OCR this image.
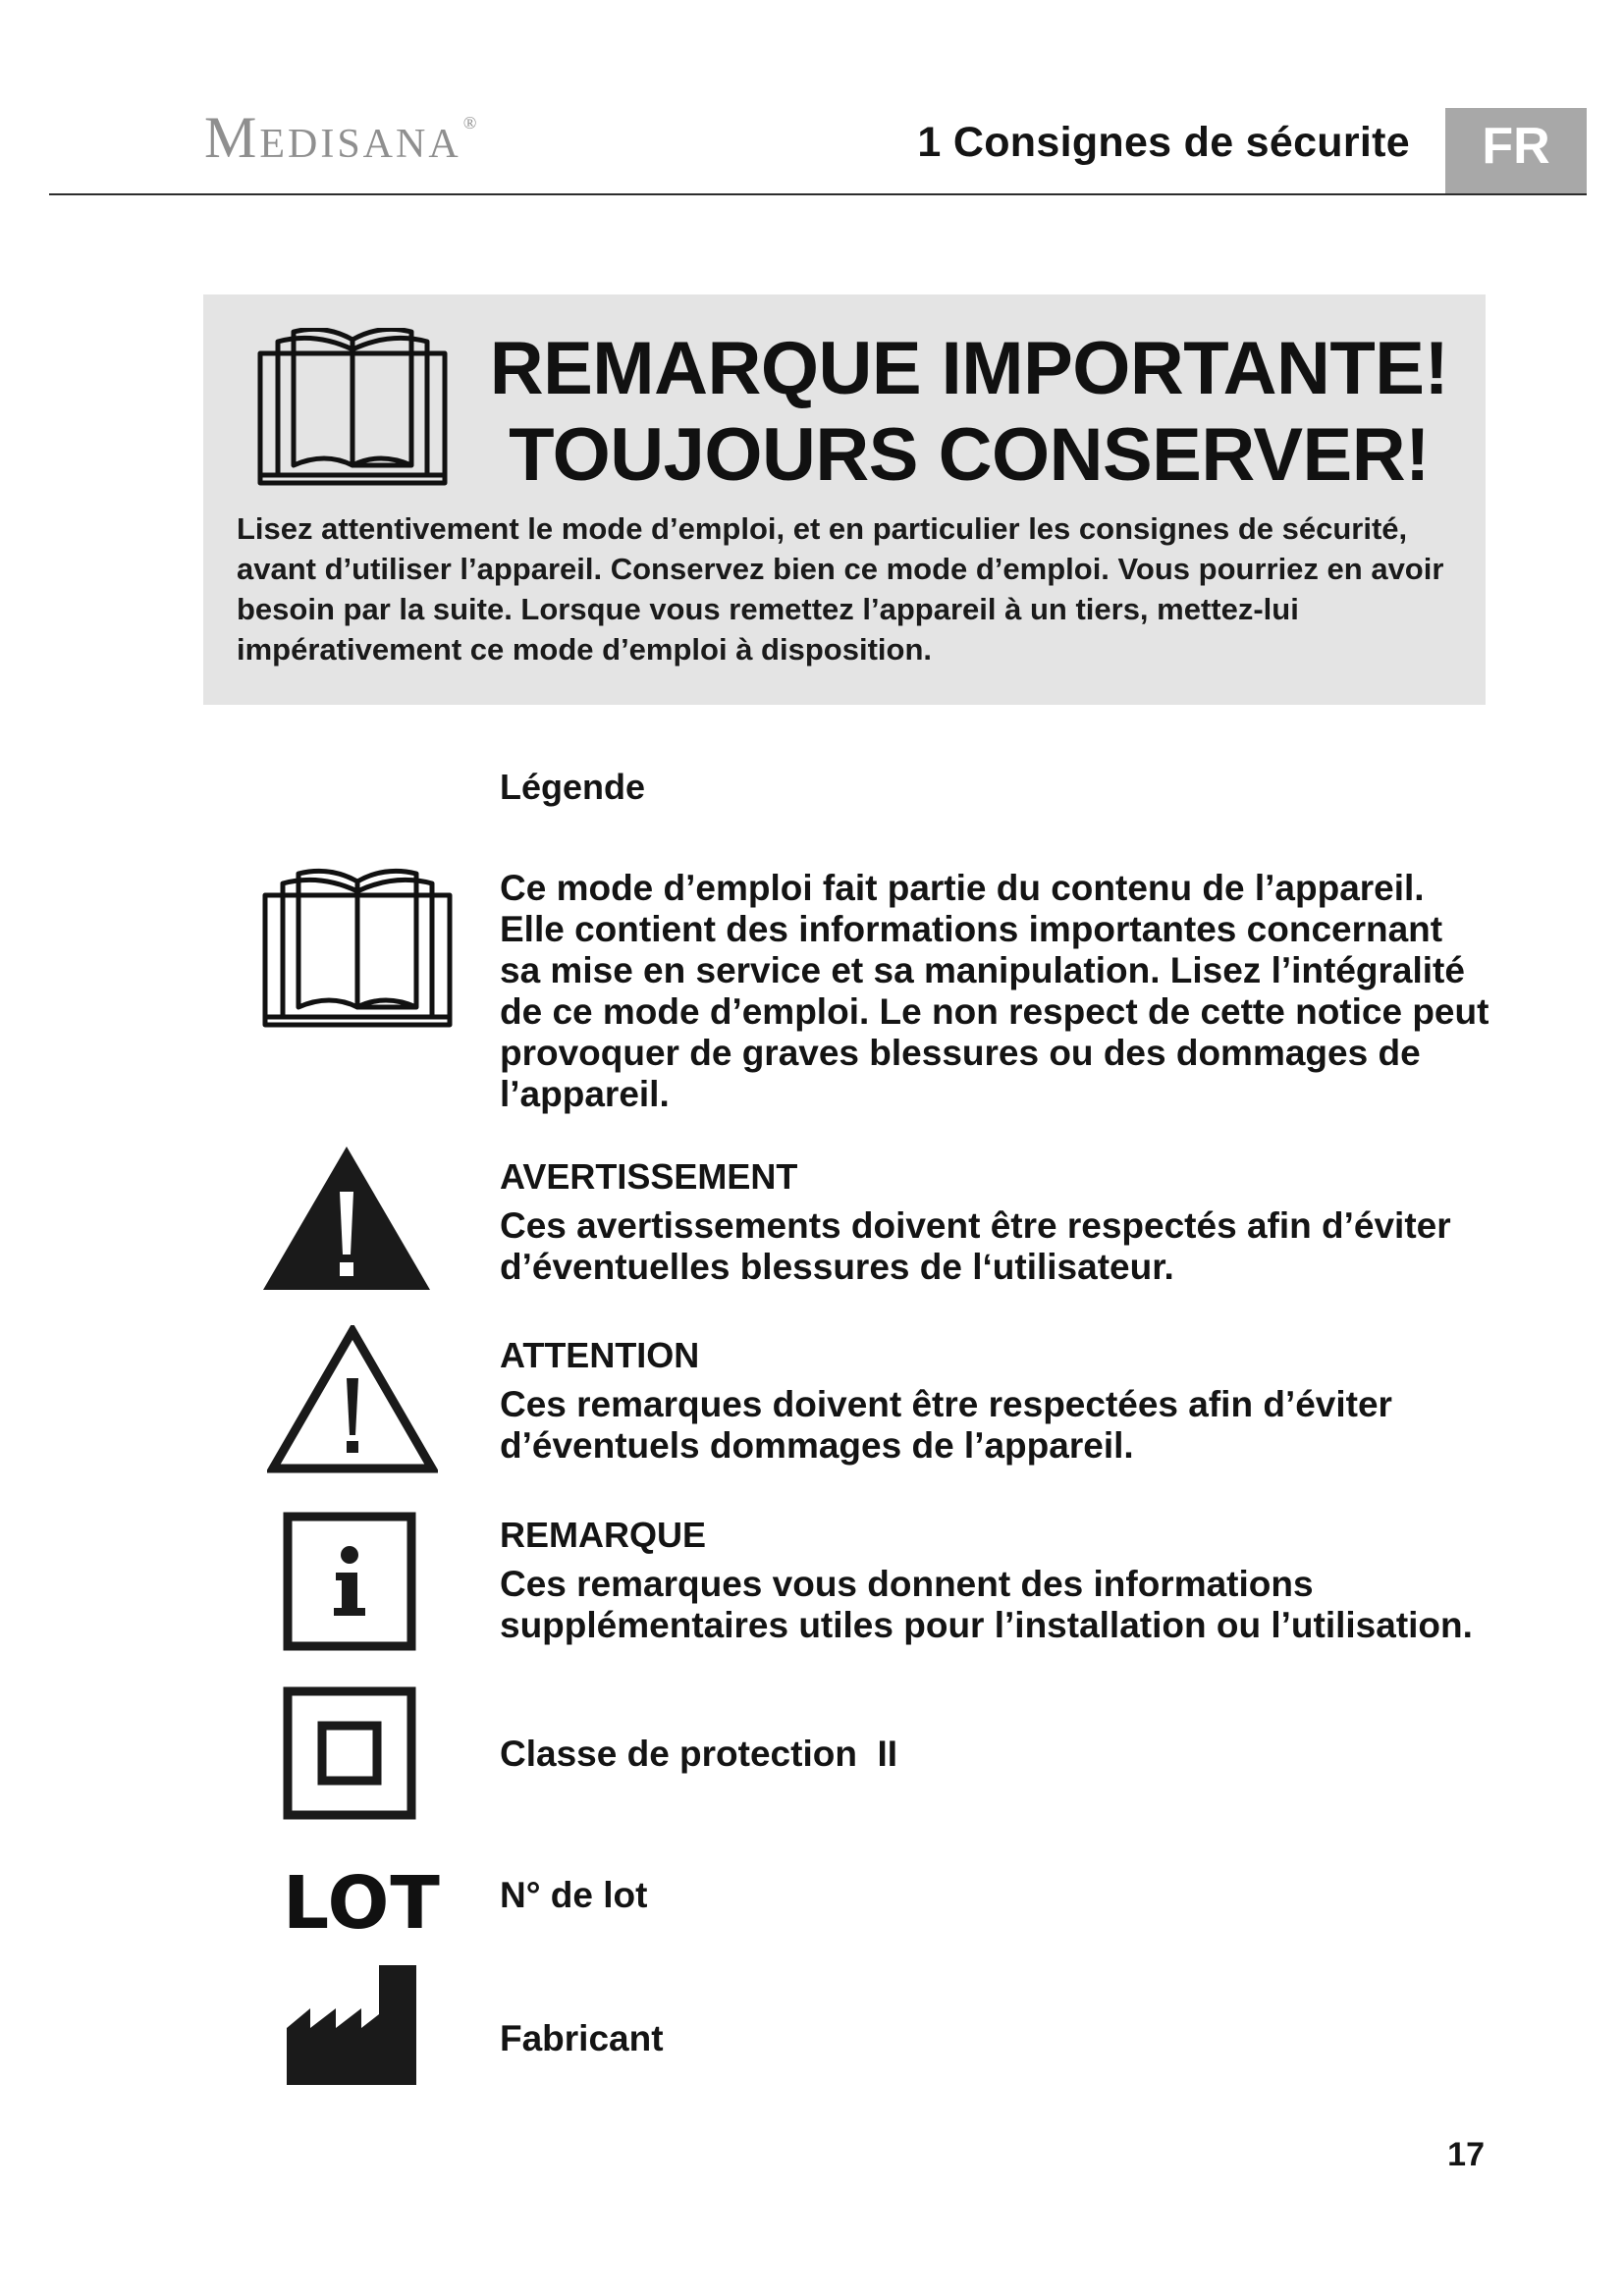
Medisana ®	1 Consignes de sécurite	FR
REMARQUE IMPORTANTE!
TOUJOURS CONSERVER!
Lisez attentivement le mode d’emploi, et en particulier les consignes de sécurité, avant d’utiliser l’appareil. Conservez bien ce mode d’emploi. Vous pourriez en avoir besoin par la suite. Lorsque vous remettez l’appareil à un tiers, mettez-lui impérativement ce mode d’emploi à disposition.
Légende
Ce mode d’emploi fait partie du contenu de l’appareil. Elle contient des informations importantes concernant sa mise en service et sa manipulation. Lisez l’intégralité de ce mode d’emploi. Le non respect de cette notice peut provoquer de graves blessures ou des dommages de l’appareil.
AVERTISSEMENT
Ces avertissements doivent être respectés afin d’éviter d’éventuelles blessures de l‘utilisateur.
ATTENTION
Ces remarques doivent être respectées afin d’éviter d’éventuels dommages de l’appareil.
REMARQUE
Ces remarques vous donnent des informations supplémentaires utiles pour l’installation ou l’utilisation.
Classe de protection  II
LOT N° de lot
Fabricant
17
